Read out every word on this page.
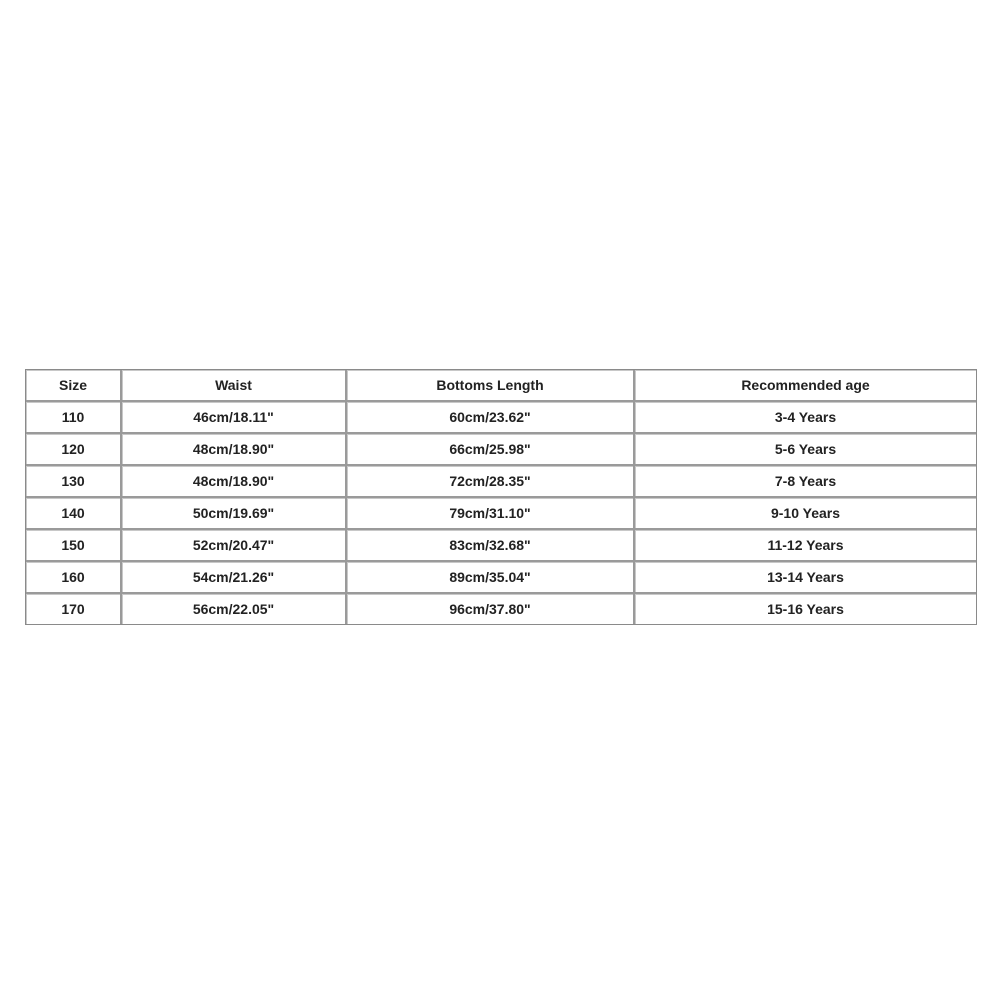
Size	Waist	Bottoms Length	Recommended age
110	46cm/18.11"	60cm/23.62"	3-4 Years
120	48cm/18.90"	66cm/25.98"	5-6 Years
130	48cm/18.90"	72cm/28.35"	7-8 Years
140	50cm/19.69"	79cm/31.10"	9-10 Years
150	52cm/20.47"	83cm/32.68"	11-12 Years
160	54cm/21.26"	89cm/35.04"	13-14 Years
170	56cm/22.05"	96cm/37.80"	15-16 Years
